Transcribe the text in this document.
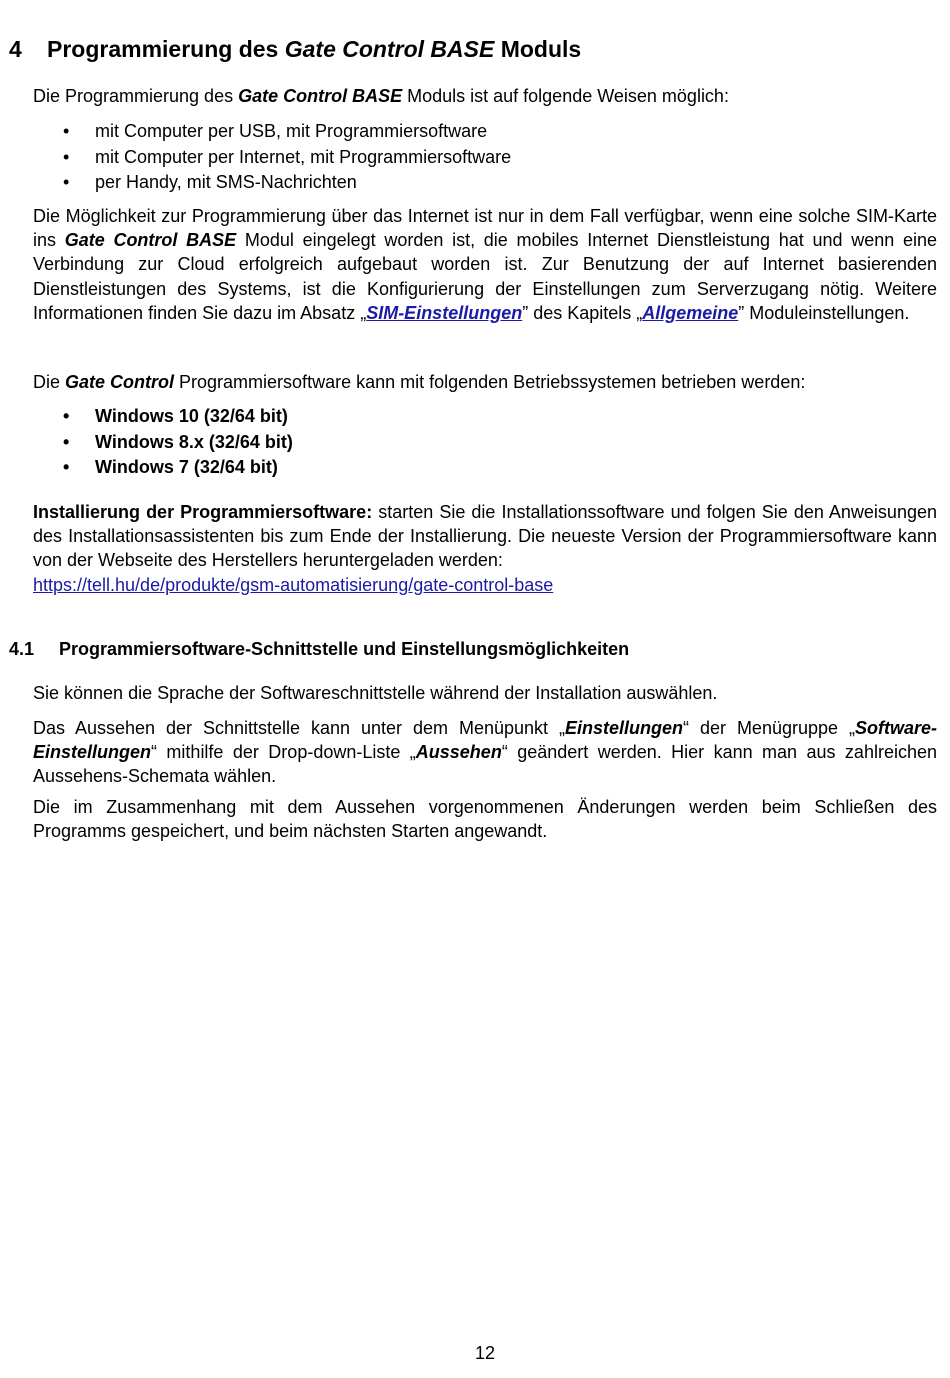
4 Programmierung des Gate Control BASE Moduls

Die Programmierung des Gate Control BASE Moduls ist auf folgende Weisen möglich:

• mit Computer per USB, mit Programmiersoftware
• mit Computer per Internet, mit Programmiersoftware
• per Handy, mit SMS-Nachrichten

Die Möglichkeit zur Programmierung über das Internet ist nur in dem Fall verfügbar, wenn eine solche SIM-Karte ins Gate Control BASE Modul eingelegt worden ist, die mobiles Internet Dienstleistung hat und wenn eine Verbindung zur Cloud erfolgreich aufgebaut worden ist. Zur Benutzung der auf Internet basierenden Dienstleistungen des Systems, ist die Konfigurierung der Einstellungen zum Serverzugang nötig. Weitere Informationen finden Sie dazu im Absatz „SIM-Einstellungen” des Kapitels „Allgemeine” Moduleinstellungen.

Die Gate Control Programmiersoftware kann mit folgenden Betriebssystemen betrieben werden:

• Windows 10 (32/64 bit)
• Windows 8.x (32/64 bit)
• Windows 7 (32/64 bit)

Installierung der Programmiersoftware: starten Sie die Installationssoftware und folgen Sie den Anweisungen des Installationsassistenten bis zum Ende der Installierung. Die neueste Version der Programmiersoftware kann von der Webseite des Herstellers heruntergeladen werden:
https://tell.hu/de/produkte/gsm-automatisierung/gate-control-base

4.1 Programmiersoftware-Schnittstelle und Einstellungsmöglichkeiten

Sie können die Sprache der Softwareschnittstelle während der Installation auswählen.

Das Aussehen der Schnittstelle kann unter dem Menüpunkt „Einstellungen“ der Menügruppe „Software-Einstellungen“ mithilfe der Drop-down-Liste „Aussehen“ geändert werden. Hier kann man aus zahlreichen Aussehens-Schemata wählen.

Die im Zusammenhang mit dem Aussehen vorgenommenen Änderungen werden beim Schließen des Programms gespeichert, und beim nächsten Starten angewandt.

12
